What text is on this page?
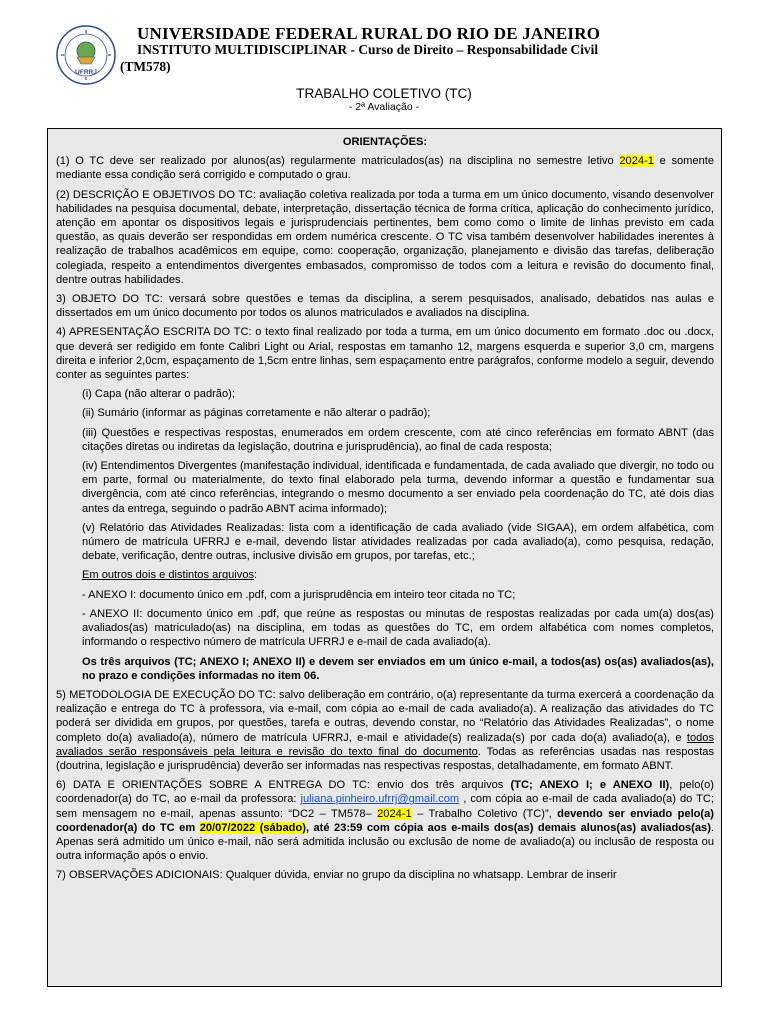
UFRRJ
UNIVERSIDADE FEDERAL RURAL DO RIO DE JANEIRO
INSTITUTO MULTIDISCIPLINAR - Curso de Direito – Responsabilidade Civil
(TM578)
TRABALHO COLETIVO (TC)
- 2ª Avaliação -

ORIENTAÇÕES:

(1) O TC deve ser realizado por alunos(as) regularmente matriculados(as) na disciplina no semestre letivo 2024-1 e somente mediante essa condição será corrigido e computado o grau.

(2) DESCRIÇÃO E OBJETIVOS DO TC: avaliação coletiva realizada por toda a turma em um único documento, visando desenvolver habilidades na pesquisa documental, debate, interpretação, dissertação técnica de forma crítica, aplicação do conhecimento jurídico, atenção em apontar os dispositivos legais e jurisprudenciais pertinentes, bem como como o limite de linhas previsto em cada questão, as quais deverão ser respondidas em ordem numérica crescente. O TC visa também desenvolver habilidades inerentes à realização de trabalhos acadêmicos em equipe, como: cooperação, organização, planejamento e divisão das tarefas, deliberação colegiada, respeito a entendimentos divergentes embasados, compromisso de todos com a leitura e revisão do documento final, dentre outras habilidades.

3) OBJETO DO TC: versará sobre questões e temas da disciplina, a serem pesquisados, analisado, debatidos nas aulas e dissertados em um único documento por todos os alunos matriculados e avaliados na disciplina.

4) APRESENTAÇÃO ESCRITA DO TC: o texto final realizado por toda a turma, em um único documento em formato .doc ou .docx, que deverá ser redigido em fonte Calibri Light ou Arial, respostas em tamanho 12, margens esquerda e superior 3,0 cm, margens direita e inferior 2,0cm, espaçamento de 1,5cm entre linhas, sem espaçamento entre parágrafos, conforme modelo a seguir, devendo conter as seguintes partes:

(i) Capa (não alterar o padrão);

(ii) Sumário (informar as páginas corretamente e não alterar o padrão);

(iii) Questões e respectivas respostas, enumerados em ordem crescente, com até cinco referências em formato ABNT (das citações diretas ou indiretas da legislação, doutrina e jurisprudência), ao final de cada resposta;

(iv) Entendimentos Divergentes (manifestação individual, identificada e fundamentada, de cada avaliado que divergir, no todo ou em parte, formal ou materialmente, do texto final elaborado pela turma, devendo informar a questão e fundamentar sua divergência, com até cinco referências, integrando o mesmo documento a ser enviado pela coordenação do TC, até dois dias antes da entrega, seguindo o padrão ABNT acima informado);

(v) Relatório das Atividades Realizadas: lista com a identificação de cada avaliado (vide SIGAA), em ordem alfabética, com número de matrícula UFRRJ e e-mail, devendo listar atividades realizadas por cada avaliado(a), como pesquisa, redação, debate, verificação, dentre outras, inclusive divisão em grupos, por tarefas, etc.;

Em outros dois e distintos arquivos:

- ANEXO I: documento único em .pdf, com a jurisprudência em inteiro teor citada no TC;

- ANEXO II: documento único em .pdf, que reúne as respostas ou minutas de respostas realizadas por cada um(a) dos(as) avaliados(as) matriculado(as) na disciplina, em todas as questões do TC, em ordem alfabética com nomes completos, informando o respectivo número de matrícula UFRRJ e e-mail de cada avaliado(a).

Os três arquivos (TC; ANEXO I; ANEXO II) e devem ser enviados em um único e-mail, a todos(as) os(as) avaliados(as), no prazo e condições informadas no item 06.

5) METODOLOGIA DE EXECUÇÃO DO TC: salvo deliberação em contrário, o(a) representante da turma exercerá a coordenação da realização e entrega do TC à professora, via e-mail, com cópia ao e-mail de cada avaliado(a). A realização das atividades do TC poderá ser dividida em grupos, por questões, tarefa e outras, devendo constar, no “Relatório das Atividades Realizadas”, o nome completo do(a) avaliado(a), número de matrícula UFRRJ, e-mail e atividade(s) realizada(s) por cada do(a) avaliado(a), e todos avaliados serão responsáveis pela leitura e revisão do texto final do documento. Todas as referências usadas nas respostas (doutrina, legislação e jurisprudência) deverão ser informadas nas respectivas respostas, detalhadamente, em formato ABNT.

6) DATA E ORIENTAÇÕES SOBRE A ENTREGA DO TC: envio dos três arquivos (TC; ANEXO I; e ANEXO II), pelo(o) coordenador(a) do TC, ao e-mail da professora: juliana.pinheiro.ufrrj@gmail.com , com cópia ao e-mail de cada avaliado(a) do TC; sem mensagem no e-mail, apenas assunto: “DC2 – TM578– 2024-1 – Trabalho Coletivo (TC)”, devendo ser enviado pelo(a) coordenador(a) do TC em 20/07/2022 (sábado), até 23:59 com cópia aos e-mails dos(as) demais alunos(as) avaliados(as). Apenas será admitido um único e-mail, não será admitida inclusão ou exclusão de nome de avaliado(a) ou inclusão de resposta ou outra informação após o envio.

7) OBSERVAÇÕES ADICIONAIS: Qualquer dúvida, enviar no grupo da disciplina no whatsapp. Lembrar de inserir
